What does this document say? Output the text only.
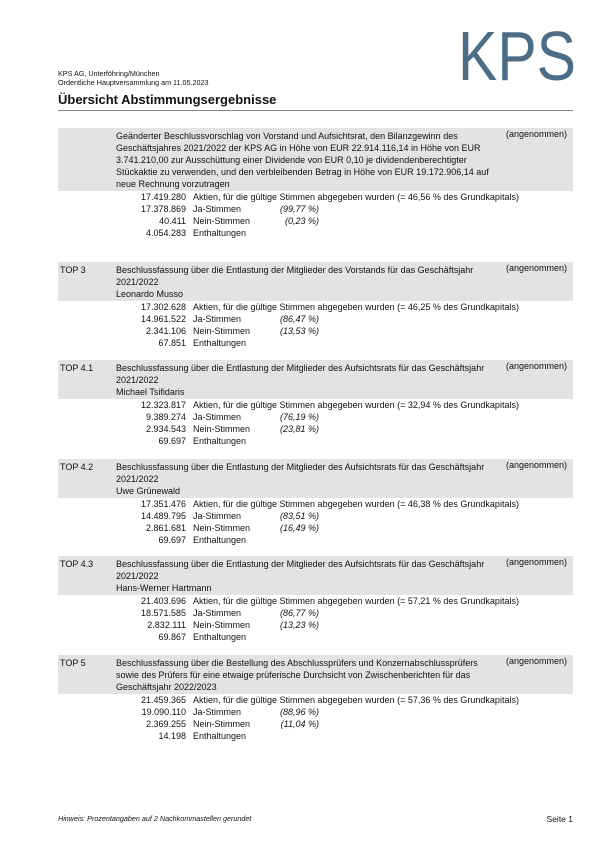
KPS
KPS AG, Unterföhring/München
Ordentliche Hauptversammlung am 11.05.2023
Übersicht Abstimmungsergebnisse
Geänderter Beschlussvorschlag von Vorstand und Aufsichtsrat, den Bilanzgewinn des Geschäftsjahres 2021/2022 der KPS AG in Höhe von EUR 22.914.116,14 in Höhe von EUR 3.741.210,00 zur Ausschüttung einer Dividende von EUR 0,10 je dividendenberechtigter Stückaktie zu verwenden, und den verbleibenden Betrag in Höhe von EUR 19.172.906,14 auf neue Rechnung vorzutragen
(angenommen)
17.419.280 Aktien, für die gültige Stimmen abgegeben wurden (= 46,56 % des Grundkapitals)
17.378.869 Ja-Stimmen	(99,77 %)
40.411 Nein-Stimmen	(0,23 %)
4.054.283 Enthaltungen
TOP 3	Beschlussfassung über die Entlastung der Mitglieder des Vorstands für das Geschäftsjahr 2021/2022
Leonardo Musso
(angenommen)
17.302.628 Aktien, für die gültige Stimmen abgegeben wurden (= 46,25 % des Grundkapitals)
14.961.522 Ja-Stimmen	(86,47 %)
2.341.106 Nein-Stimmen	(13,53 %)
67.851 Enthaltungen
TOP 4.1	Beschlussfassung über die Entlastung der Mitglieder des Aufsichtsrats für das Geschäftsjahr 2021/2022
Michael Tsifidaris
(angenommen)
12.323.817 Aktien, für die gültige Stimmen abgegeben wurden (= 32,94 % des Grundkapitals)
9.389.274 Ja-Stimmen	(76,19 %)
2.934.543 Nein-Stimmen	(23,81 %)
69.697 Enthaltungen
TOP 4.2	Beschlussfassung über die Entlastung der Mitglieder des Aufsichtsrats für das Geschäftsjahr 2021/2022
Uwe Grünewald
(angenommen)
17.351.476 Aktien, für die gültige Stimmen abgegeben wurden (= 46,38 % des Grundkapitals)
14.489.795 Ja-Stimmen	(83,51 %)
2.861.681 Nein-Stimmen	(16,49 %)
69.697 Enthaltungen
TOP 4.3	Beschlussfassung über die Entlastung der Mitglieder des Aufsichtsrats für das Geschäftsjahr 2021/2022
Hans-Werner Hartmann
(angenommen)
21.403.696 Aktien, für die gültige Stimmen abgegeben wurden (= 57,21 % des Grundkapitals)
18.571.585 Ja-Stimmen	(86,77 %)
2.832.111 Nein-Stimmen	(13,23 %)
69.867 Enthaltungen
TOP 5	Beschlussfassung über die Bestellung des Abschlussprüfers und Konzernabschlussprüfers sowie des Prüfers für eine etwaige prüferische Durchsicht von Zwischenberichten für das Geschäftsjahr 2022/2023
(angenommen)
21.459.365 Aktien, für die gültige Stimmen abgegeben wurden (= 57,36 % des Grundkapitals)
19.090.110 Ja-Stimmen	(88,96 %)
2.369.255 Nein-Stimmen	(11,04 %)
14.198 Enthaltungen
Hinweis: Prozentangaben auf 2 Nachkommastellen gerundet	Seite 1
